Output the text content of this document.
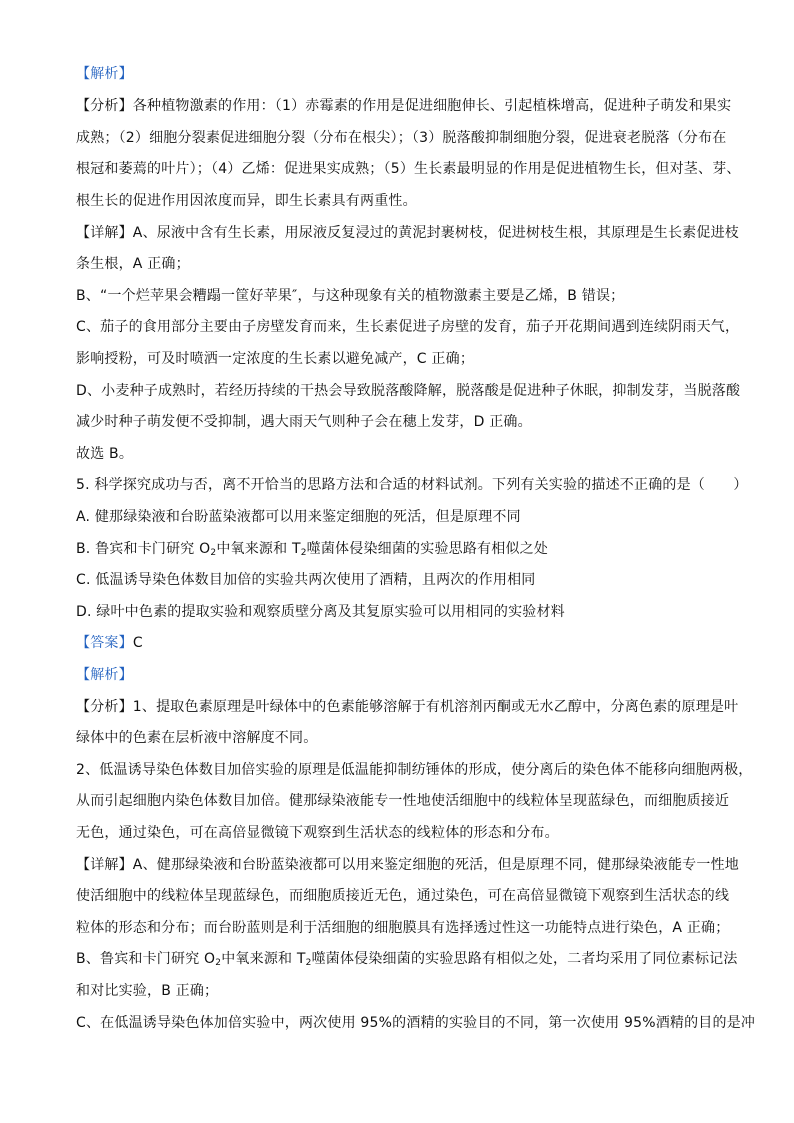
【解析】
【分析】各种植物激素的作用：（1）赤霉素的作用是促进细胞伸长、引起植株增高，促进种子萌发和果实
成熟；（2）细胞分裂素促进细胞分裂（分布在根尖）；（3）脱落酸抑制细胞分裂，促进衰老脱落（分布在
根冠和萎蔫的叶片）；（4）乙烯：促进果实成熟；（5）生长素最明显的作用是促进植物生长，但对茎、芽、
根生长的促进作用因浓度而异，即生长素具有两重性。
【详解】A、尿液中含有生长素，用尿液反复浸过的黄泥封裹树枝，促进树枝生根，其原理是生长素促进枝
条生根，A 正确；
B、“一个烂苹果会糟蹋一筐好苹果″，与这种现象有关的植物激素主要是乙烯，B 错误；
C、茄子的食用部分主要由子房壁发育而来，生长素促进子房壁的发育，茄子开花期间遇到连续阴雨天气，
影响授粉，可及时喷洒一定浓度的生长素以避免减产，C 正确；
D、小麦种子成熟时，若经历持续的干热会导致脱落酸降解，脱落酸是促进种子休眠，抑制发芽，当脱落酸
减少时种子萌发便不受抑制，遇大雨天气则种子会在穗上发芽，D 正确。
故选 B。
5. 科学探究成功与否，离不开恰当的思路方法和合适的材料试剂。下列有关实验的描述不正确的是（　　）
A. 健那绿染液和台盼蓝染液都可以用来鉴定细胞的死活，但是原理不同
B. 鲁宾和卡门研究 $O_2$中氧来源和 $T_2$噬菌体侵染细菌的实验思路有相似之处
C. 低温诱导染色体数目加倍的实验共两次使用了酒精，且两次的作用相同
D. 绿叶中色素的提取实验和观察质壁分离及其复原实验可以用相同的实验材料
【答案】C
【解析】
【分析】1、提取色素原理是叶绿体中的色素能够溶解于有机溶剂丙酮或无水乙醇中，分离色素的原理是叶
绿体中的色素在层析液中溶解度不同。
2、低温诱导染色体数目加倍实验的原理是低温能抑制纺锤体的形成，使分离后的染色体不能移向细胞两极，
从而引起细胞内染色体数目加倍。健那绿染液能专一性地使活细胞中的线粒体呈现蓝绿色，而细胞质接近
无色，通过染色，可在高倍显微镜下观察到生活状态的线粒体的形态和分布。
【详解】A、健那绿染液和台盼蓝染液都可以用来鉴定细胞的死活，但是原理不同，健那绿染液能专一性地
使活细胞中的线粒体呈现蓝绿色，而细胞质接近无色，通过染色，可在高倍显微镜下观察到生活状态的线
粒体的形态和分布；而台盼蓝则是利于活细胞的细胞膜具有选择透过性这一功能特点进行染色，A 正确；
B、鲁宾和卡门研究 $O_2$中氧来源和 $T_2$噬菌体侵染细菌的实验思路有相似之处，二者均采用了同位素标记法
和对比实验，B 正确；
C、在低温诱导染色体加倍实验中，两次使用 95%的酒精的实验目的不同，第一次使用 95%酒精的目的是冲
